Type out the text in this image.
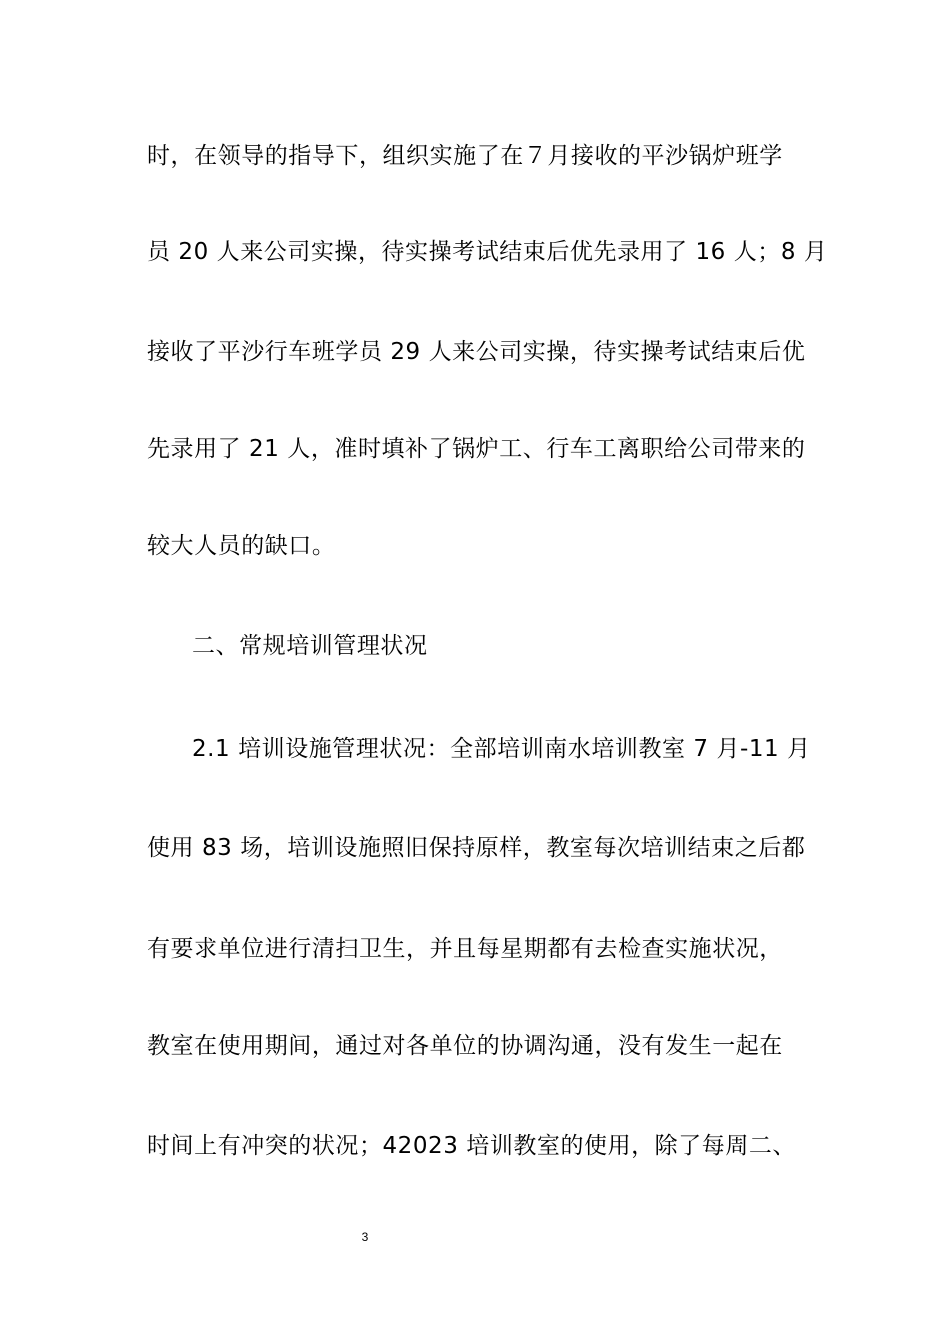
时，在领导的指导下，组织实施了在７月接收的平沙锅炉班学
员 20 人来公司实操，待实操考试结束后优先录用了 16 人；8 月
接收了平沙行车班学员 29 人来公司实操，待实操考试结束后优
先录用了 21 人，准时填补了锅炉工、行车工离职给公司带来的
较大人员的缺口。
二、常规培训管理状况
2.1 培训设施管理状况：全部培训南水培训教室 7 月-11 月
使用 83 场，培训设施照旧保持原样，教室每次培训结束之后都
有要求单位进行清扫卫生，并且每星期都有去检查实施状况，
教室在使用期间，通过对各单位的协调沟通，没有发生一起在
时间上有冲突的状况；42023 培训教室的使用，除了每周二、
3
